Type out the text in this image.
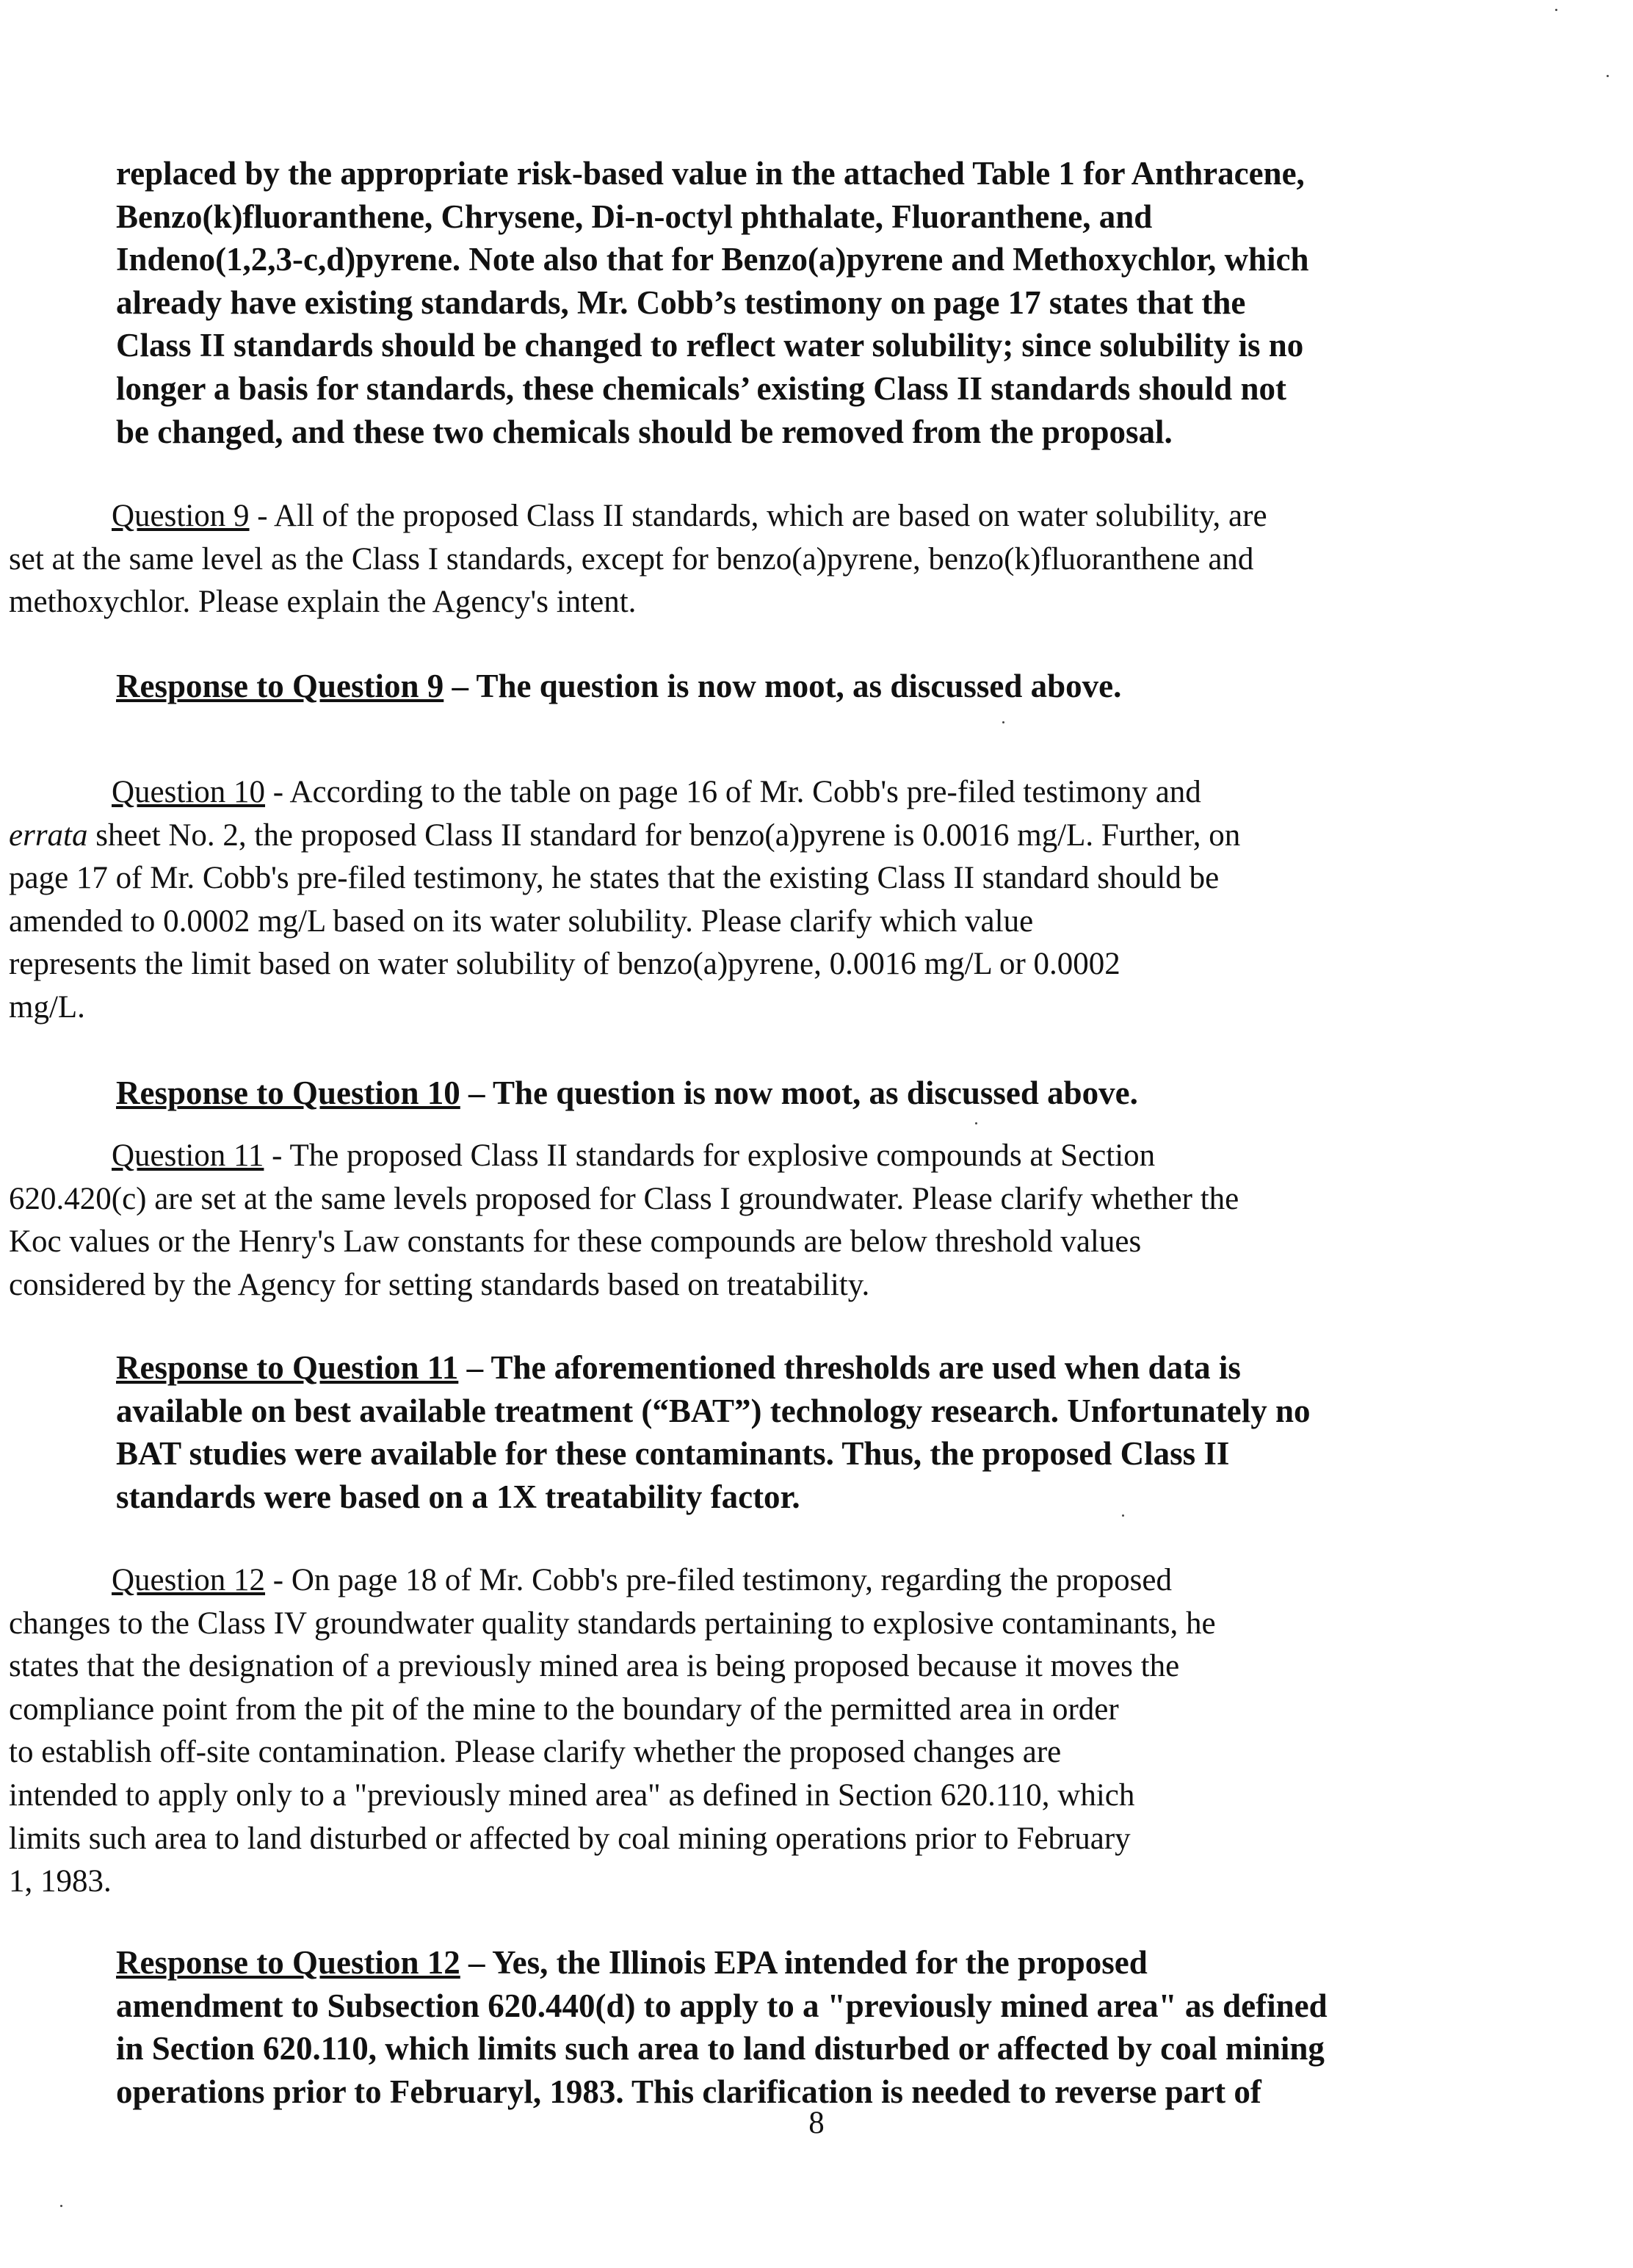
replaced by the appropriate risk-based value in the attached Table 1 for Anthracene,
Benzo(k)fluoranthene, Chrysene, Di-n-octyl phthalate, Fluoranthene, and
Indeno(1,2,3-c,d)pyrene. Note also that for Benzo(a)pyrene and Methoxychlor, which
already have existing standards, Mr. Cobb’s testimony on page 17 states that the
Class II standards should be changed to reflect water solubility; since solubility is no
longer a basis for standards, these chemicals’ existing Class II standards should not
be changed, and these two chemicals should be removed from the proposal.
Question 9 - All of the proposed Class II standards, which are based on water solubility, are
set at the same level as the Class I standards, except for benzo(a)pyrene, benzo(k)fluoranthene and
methoxychlor. Please explain the Agency's intent.
Response to Question 9 – The question is now moot, as discussed above.
Question 10 - According to the table on page 16 of Mr. Cobb's pre-filed testimony and
errata sheet No. 2, the proposed Class II standard for benzo(a)pyrene is 0.0016 mg/L. Further, on
page 17 of Mr. Cobb's pre-filed testimony, he states that the existing Class II standard should be
amended to 0.0002 mg/L based on its water solubility. Please clarify which value
represents the limit based on water solubility of benzo(a)pyrene, 0.0016 mg/L or 0.0002
mg/L.
Response to Question 10 – The question is now moot, as discussed above.
Question 11 - The proposed Class II standards for explosive compounds at Section
620.420(c) are set at the same levels proposed for Class I groundwater. Please clarify whether the
Koc values or the Henry's Law constants for these compounds are below threshold values
considered by the Agency for setting standards based on treatability.
Response to Question 11 – The aforementioned thresholds are used when data is
available on best available treatment (“BAT”) technology research. Unfortunately no
BAT studies were available for these contaminants. Thus, the proposed Class II
standards were based on a 1X treatability factor.
Question 12 - On page 18 of Mr. Cobb's pre-filed testimony, regarding the proposed
changes to the Class IV groundwater quality standards pertaining to explosive contaminants, he
states that the designation of a previously mined area is being proposed because it moves the
compliance point from the pit of the mine to the boundary of the permitted area in order
to establish off-site contamination. Please clarify whether the proposed changes are
intended to apply only to a "previously mined area" as defined in Section 620.110, which
limits such area to land disturbed or affected by coal mining operations prior to February
1, 1983.
Response to Question 12 – Yes, the Illinois EPA intended for the proposed
amendment to Subsection 620.440(d) to apply to a "previously mined area" as defined
in Section 620.110, which limits such area to land disturbed or affected by coal mining
operations prior to Februaryl, 1983. This clarification is needed to reverse part of
8
